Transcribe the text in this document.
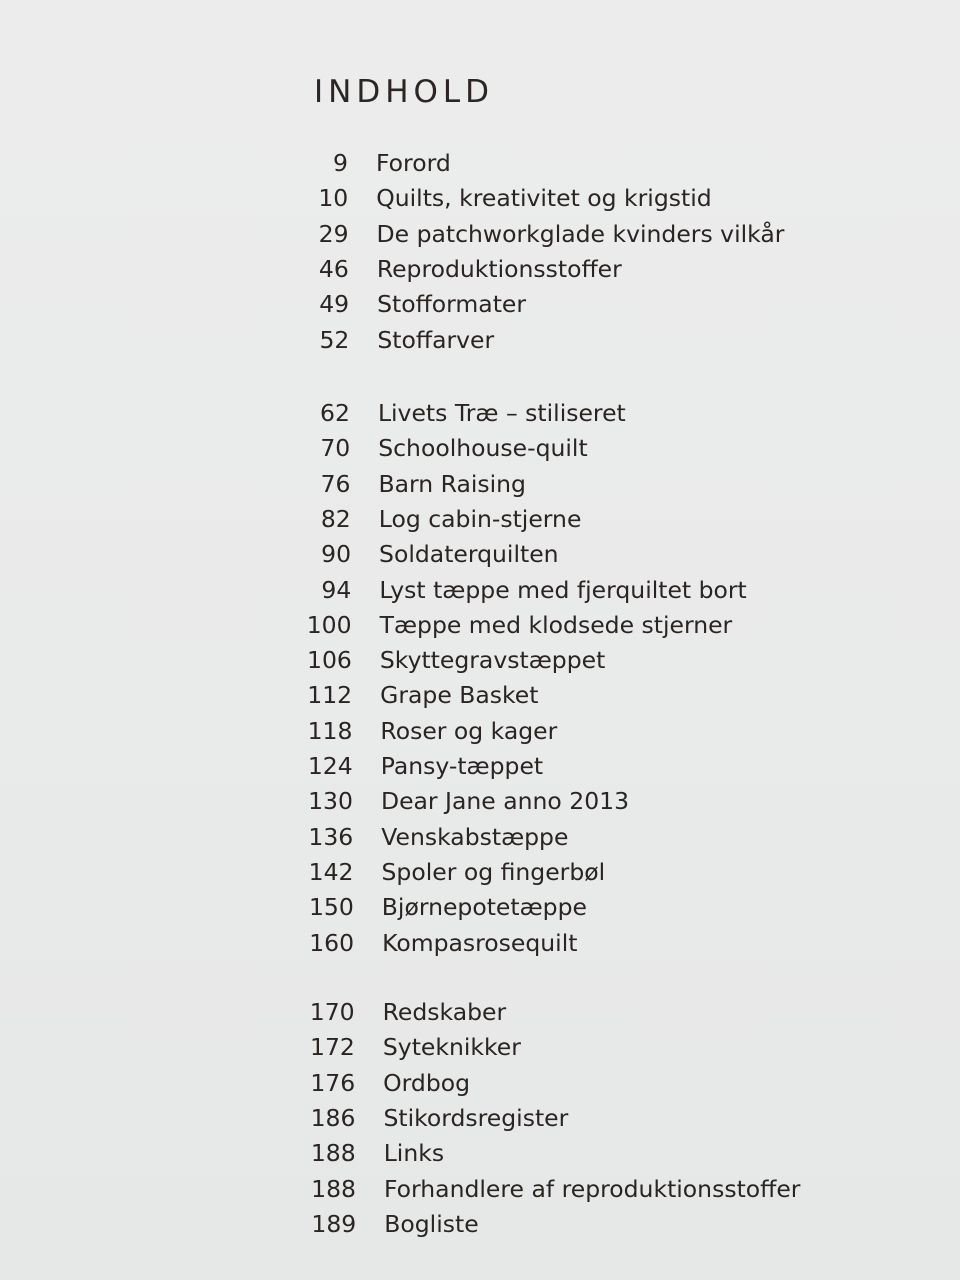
INDHOLD
9 Forord
10 Quilts, kreativitet og krigstid
29 De patchworkglade kvinders vilkår
46 Reproduktionsstoffer
49 Stofformater
52 Stoffarver
62 Livets Træ – stiliseret
70 Schoolhouse-quilt
76 Barn Raising
82 Log cabin-stjerne
90 Soldaterquilten
94 Lyst tæppe med fjerquiltet bort
100 Tæppe med klodsede stjerner
106 Skyttegravstæppet
112 Grape Basket
118 Roser og kager
124 Pansy-tæppet
130 Dear Jane anno 2013
136 Venskabstæppe
142 Spoler og fingerbøl
150 Bjørnepotetæppe
160 Kompasrosequilt
170 Redskaber
172 Syteknikker
176 Ordbog
186 Stikordsregister
188 Links
188 Forhandlere af reproduktionsstoffer
189 Bogliste
